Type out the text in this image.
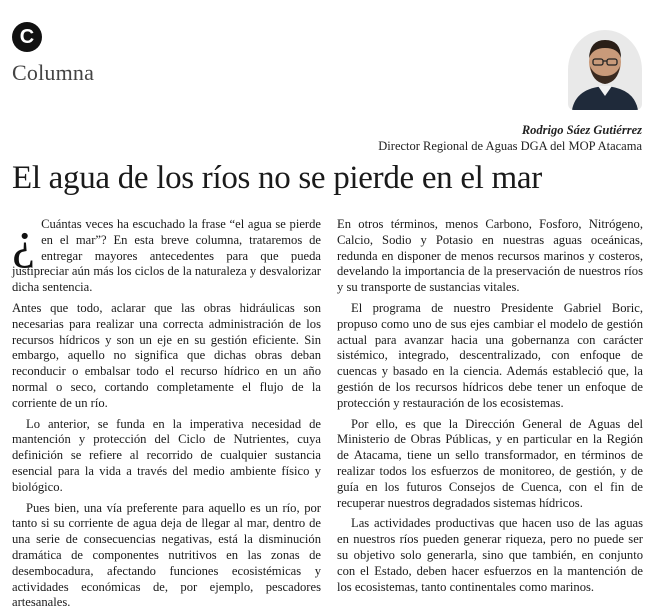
C
Columna
Rodrigo Sáez Gutiérrez
Director Regional de Aguas DGA del MOP Atacama
El agua de los ríos no se pierde en el mar

¿ Cuántas veces ha escuchado la frase “el agua se pierde en el mar”? En esta breve columna, trataremos de entregar mayores antecedentes para que pueda justipreciar aún más los ciclos de la naturaleza y desvalorizar dicha sentencia.

Antes que todo, aclarar que las obras hidráulicas son necesarias para realizar una correcta administración de los recursos hídricos y son un eje en su gestión eficiente. Sin embargo, aquello no significa que dichas obras deban reconducir o embalsar todo el recurso hídrico en un año normal o seco, cortando completamente el flujo de la corriente de un río.

Lo anterior, se funda en la imperativa necesidad de mantención y protección del Ciclo de Nutrientes, cuya definición se refiere al recorrido de cualquier sustancia esencial para la vida a través del medio ambiente físico y biológico.

Pues bien, una vía preferente para aquello es un río, por tanto si su corriente de agua deja de llegar al mar, dentro de una serie de consecuencias negativas, está la disminución dramática de componentes nutritivos en las zonas de desembocadura, afectando funciones ecosistémicas y actividades económicas de, por ejemplo, pescadores artesanales.

En otros términos, menos Carbono, Fosforo, Nitrógeno, Calcio, Sodio y Potasio en nuestras aguas oceánicas, redunda en disponer de menos recursos marinos y costeros, develando la importancia de la preservación de nuestros ríos y su transporte de sustancias vitales.

El programa de nuestro Presidente Gabriel Boric, propuso como uno de sus ejes cambiar el modelo de gestión actual para avanzar hacia una gobernanza con carácter sistémico, integrado, descentralizado, con enfoque de cuencas y basado en la ciencia. Además estableció que, la gestión de los recursos hídricos debe tener un enfoque de protección y restauración de los ecosistemas.

Por ello, es que la Dirección General de Aguas del Ministerio de Obras Públicas, y en particular en la Región de Atacama, tiene un sello transformador, en términos de realizar todos los esfuerzos de monitoreo, de gestión, y de guía en los futuros Consejos de Cuenca, con el fin de recuperar nuestros degradados sistemas hídricos.

Las actividades productivas que hacen uso de las aguas en nuestros ríos pueden generar riqueza, pero no puede ser su objetivo solo generarla, sino que también, en conjunto con el Estado, deben hacer esfuerzos en la mantención de los ecosistemas, tanto continentales como marinos.
